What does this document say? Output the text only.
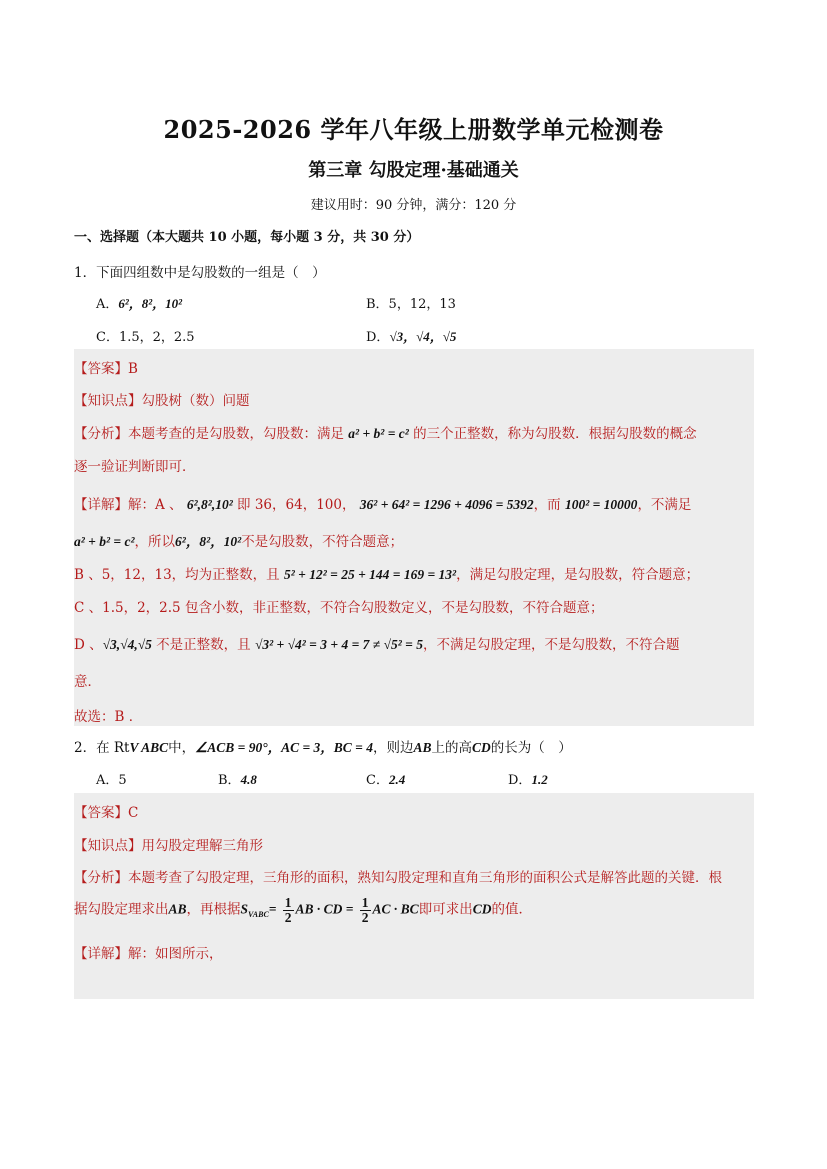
2025-2026 学年八年级上册数学单元检测卷
第三章 勾股定理·基础通关
建议用时：90 分钟，满分：120 分
一、选择题（本大题共 10 小题，每小题 3 分，共 30 分）
1．下面四组数中是勾股数的一组是（　）
A．6²，8²，10²	B．5，12，13
C．1.5，2，2.5	D．√3，√4，√5
【答案】B
【知识点】勾股树（数）问题
【分析】本题考查的是勾股数，勾股数：满足 a² + b² = c² 的三个正整数，称为勾股数．根据勾股数的概念
逐一验证判断即可．
【详解】解：A 、 6²,8²,10² 即 36，64，100， 36² + 64² = 1296 + 4096 = 5392，而 100² = 10000，不满足
a² + b² = c²，所以6²，8²，10²不是勾股数，不符合题意；
B 、5，12，13，均为正整数，且 5² + 12² = 25 + 144 = 169 = 13²，满足勾股定理，是勾股数，符合题意；
C 、1.5，2，2.5 包含小数，非正整数，不符合勾股数定义，不是勾股数，不符合题意；
D 、√3,√4,√5 不是正整数，且 √3² + √4² = 3 + 4 = 7 ≠ √5² = 5，不满足勾股定理，不是勾股数，不符合题
意．
故选：B ．
2．在 RtV ABC中，∠ACB = 90°，AC = 3，BC = 4，则边AB上的高CD的长为（　）
A．5	B．4.8	C．2.4	D．1.2
【答案】C
【知识点】用勾股定理解三角形
【分析】本题考查了勾股定理，三角形的面积，熟知勾股定理和直角三角形的面积公式是解答此题的关键．根
据勾股定理求出AB，再根据$S_{VABC}= \frac{1}{2}$ AB · CD = $\frac{1}{2}$ AC · BC即可求出CD的值．
【详解】解：如图所示，
